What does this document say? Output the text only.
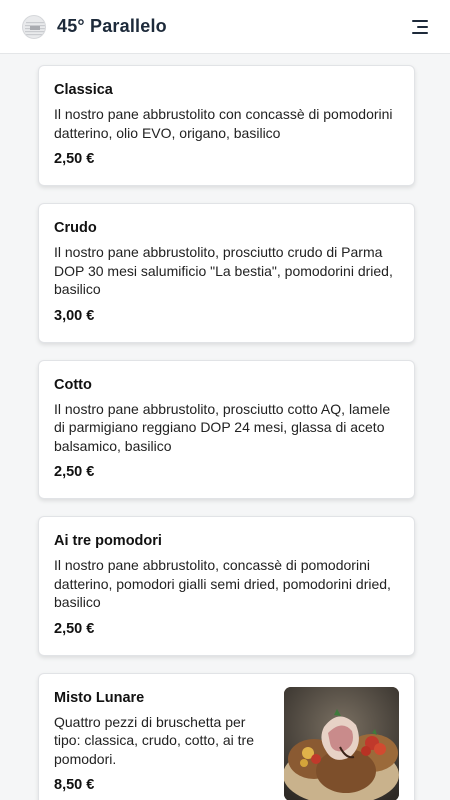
45° Parallelo
Classica
Il nostro pane abbrustolito con concassè di pomodorini datterino, olio EVO, origano, basilico
2,50 €
Crudo
Il nostro pane abbrustolito, prosciutto crudo di Parma DOP 30 mesi salumificio "La bestia", pomodorini dried, basilico
3,00 €
Cotto
Il nostro pane abbrustolito, prosciutto cotto AQ, lamele di parmigiano reggiano DOP 24 mesi, glassa di aceto balsamico, basilico
2,50 €
Ai tre pomodori
Il nostro pane abbrustolito, concassè di pomodorini datterino, pomodori gialli semi dried, pomodorini dried, basilico
2,50 €
Misto Lunare
Quattro pezzi di bruschetta per tipo: classica, crudo, cotto, ai tre pomodori.
8,50 €
